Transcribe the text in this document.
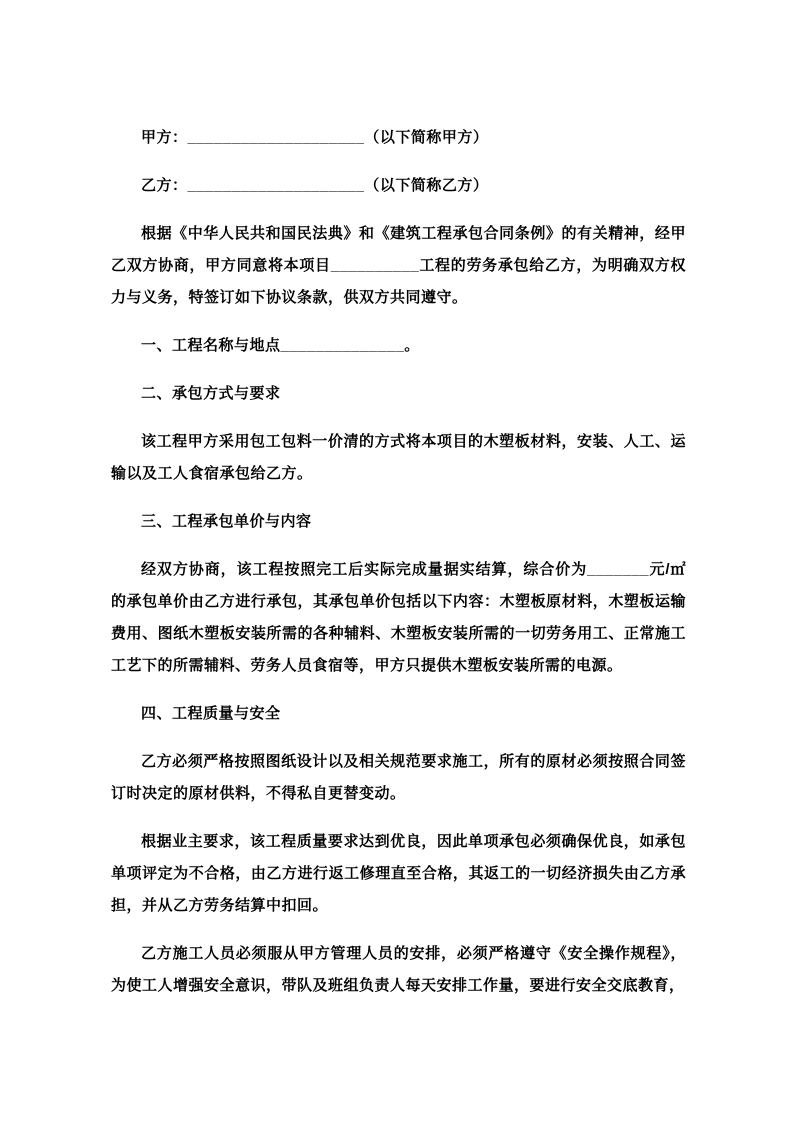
甲方：____________________（以下简称甲方）

乙方：____________________（以下简称乙方）

根据《中华人民共和国民法典》和《建筑工程承包合同条例》的有关精神，经甲乙双方协商，甲方同意将本项目__________工程的劳务承包给乙方，为明确双方权力与义务，特签订如下协议条款，供双方共同遵守。

一、工程名称与地点______________。

二、承包方式与要求

该工程甲方采用包工包料一价清的方式将本项目的木塑板材料，安装、人工、运输以及工人食宿承包给乙方。

三、工程承包单价与内容

经双方协商，该工程按照完工后实际完成量据实结算，综合价为_______元/㎡的承包单价由乙方进行承包，其承包单价包括以下内容：木塑板原材料，木塑板运输费用、图纸木塑板安装所需的各种辅料、木塑板安装所需的一切劳务用工、正常施工工艺下的所需辅料、劳务人员食宿等，甲方只提供木塑板安装所需的电源。

四、工程质量与安全

乙方必须严格按照图纸设计以及相关规范要求施工，所有的原材必须按照合同签订时决定的原材供料，不得私自更替变动。

根据业主要求，该工程质量要求达到优良，因此单项承包必须确保优良，如承包单项评定为不合格，由乙方进行返工修理直至合格，其返工的一切经济损失由乙方承担，并从乙方劳务结算中扣回。

乙方施工人员必须服从甲方管理人员的安排，必须严格遵守《安全操作规程》，为使工人增强安全意识，带队及班组负责人每天安排工作量，要进行安全交底教育，
